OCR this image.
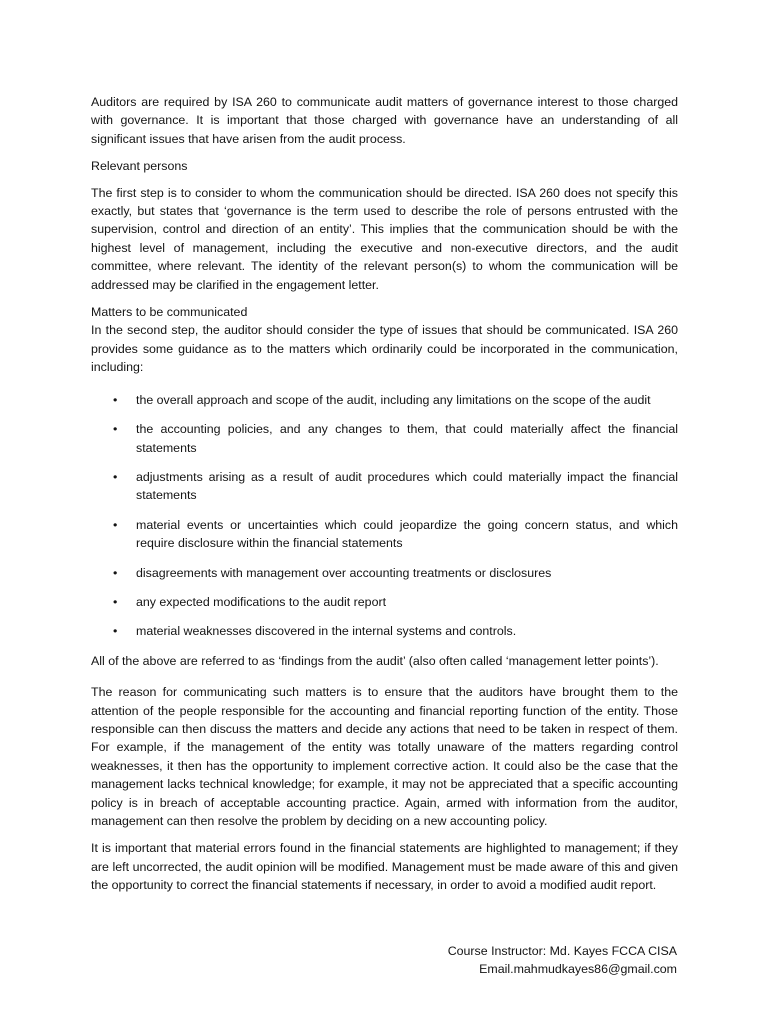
Auditors are required by ISA 260 to communicate audit matters of governance interest to those charged with governance. It is important that those charged with governance have an understanding of all significant issues that have arisen from the audit process.

Relevant persons

The first step is to consider to whom the communication should be directed. ISA 260 does not specify this exactly, but states that ‘governance is the term used to describe the role of persons entrusted with the supervision, control and direction of an entity’. This implies that the communication should be with the highest level of management, including the executive and non-executive directors, and the audit committee, where relevant. The identity of the relevant person(s) to whom the communication will be addressed may be clarified in the engagement letter.

Matters to be communicated

In the second step, the auditor should consider the type of issues that should be communicated. ISA 260 provides some guidance as to the matters which ordinarily could be incorporated in the communication, including:

• the overall approach and scope of the audit, including any limitations on the scope of the audit
• the accounting policies, and any changes to them, that could materially affect the financial statements
• adjustments arising as a result of audit procedures which could materially impact the financial statements
• material events or uncertainties which could jeopardize the going concern status, and which require disclosure within the financial statements
• disagreements with management over accounting treatments or disclosures
• any expected modifications to the audit report
• material weaknesses discovered in the internal systems and controls.

All of the above are referred to as ‘findings from the audit’ (also often called ‘management letter points’).

The reason for communicating such matters is to ensure that the auditors have brought them to the attention of the people responsible for the accounting and financial reporting function of the entity. Those responsible can then discuss the matters and decide any actions that need to be taken in respect of them. For example, if the management of the entity was totally unaware of the matters regarding control weaknesses, it then has the opportunity to implement corrective action. It could also be the case that the management lacks technical knowledge; for example, it may not be appreciated that a specific accounting policy is in breach of acceptable accounting practice. Again, armed with information from the auditor, management can then resolve the problem by deciding on a new accounting policy.

It is important that material errors found in the financial statements are highlighted to management; if they are left uncorrected, the audit opinion will be modified. Management must be made aware of this and given the opportunity to correct the financial statements if necessary, in order to avoid a modified audit report.

Course Instructor: Md. Kayes FCCA CISA
Email.mahmudkayes86@gmail.com
